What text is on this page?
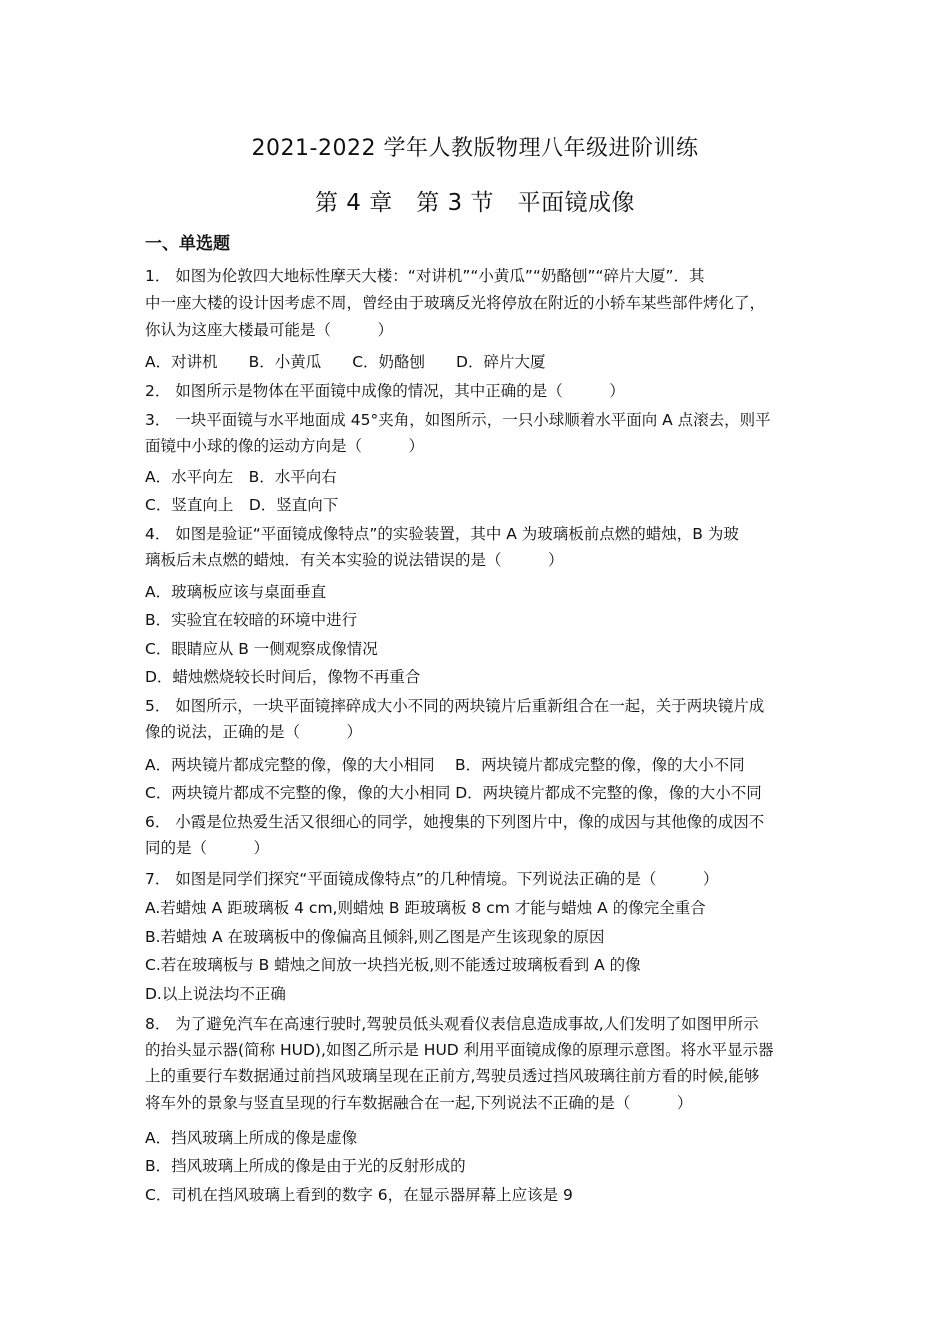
2021-2022 学年人教版物理八年级进阶训练
第 4 章　第 3 节　平面镜成像
一、单选题
1． 如图为伦敦四大地标性摩天大楼：“对讲机”“小黄瓜”“奶酪刨”“碎片大厦”．其
中一座大楼的设计因考虑不周，曾经由于玻璃反光将停放在附近的小轿车某些部件烤化了，
你认为这座大楼最可能是（　　　）
A．对讲机　　B．小黄瓜　　C．奶酪刨　　D．碎片大厦
2． 如图所示是物体在平面镜中成像的情况，其中正确的是（　　　）
3． 一块平面镜与水平地面成 45°夹角，如图所示，一只小球顺着水平面向 A 点滚去，则平
面镜中小球的像的运动方向是（　　　）
A．水平向左　B．水平向右
C．竖直向上　D．竖直向下
4． 如图是验证“平面镜成像特点”的实验装置，其中 A 为玻璃板前点燃的蜡烛，B 为玻
璃板后未点燃的蜡烛．有关本实验的说法错误的是（　　　）
A．玻璃板应该与桌面垂直
B．实验宜在较暗的环境中进行
C．眼睛应从 B 一侧观察成像情况
D．蜡烛燃烧较长时间后，像物不再重合
5． 如图所示，一块平面镜摔碎成大小不同的两块镜片后重新组合在一起，关于两块镜片成
像的说法，正确的是（　　　）
A．两块镜片都成完整的像，像的大小相同　 B．两块镜片都成完整的像，像的大小不同
C．两块镜片都成不完整的像，像的大小相同 D．两块镜片都成不完整的像，像的大小不同
6． 小霞是位热爱生活又很细心的同学，她搜集的下列图片中，像的成因与其他像的成因不
同的是（　　　）
7． 如图是同学们探究“平面镜成像特点”的几种情境。下列说法正确的是（　　　）
A.若蜡烛 A 距玻璃板 4 cm,则蜡烛 B 距玻璃板 8 cm 才能与蜡烛 A 的像完全重合
B.若蜡烛 A 在玻璃板中的像偏高且倾斜,则乙图是产生该现象的原因
C.若在玻璃板与 B 蜡烛之间放一块挡光板,则不能透过玻璃板看到 A 的像
D.以上说法均不正确
8． 为了避免汽车在高速行驶时,驾驶员低头观看仪表信息造成事故,人们发明了如图甲所示
的抬头显示器(简称 HUD),如图乙所示是 HUD 利用平面镜成像的原理示意图。将水平显示器
上的重要行车数据通过前挡风玻璃呈现在正前方,驾驶员透过挡风玻璃往前方看的时候,能够
将车外的景象与竖直呈现的行车数据融合在一起,下列说法不正确的是（　　　）
A．挡风玻璃上所成的像是虚像
B．挡风玻璃上所成的像是由于光的反射形成的
C．司机在挡风玻璃上看到的数字 6，在显示器屏幕上应该是 9
